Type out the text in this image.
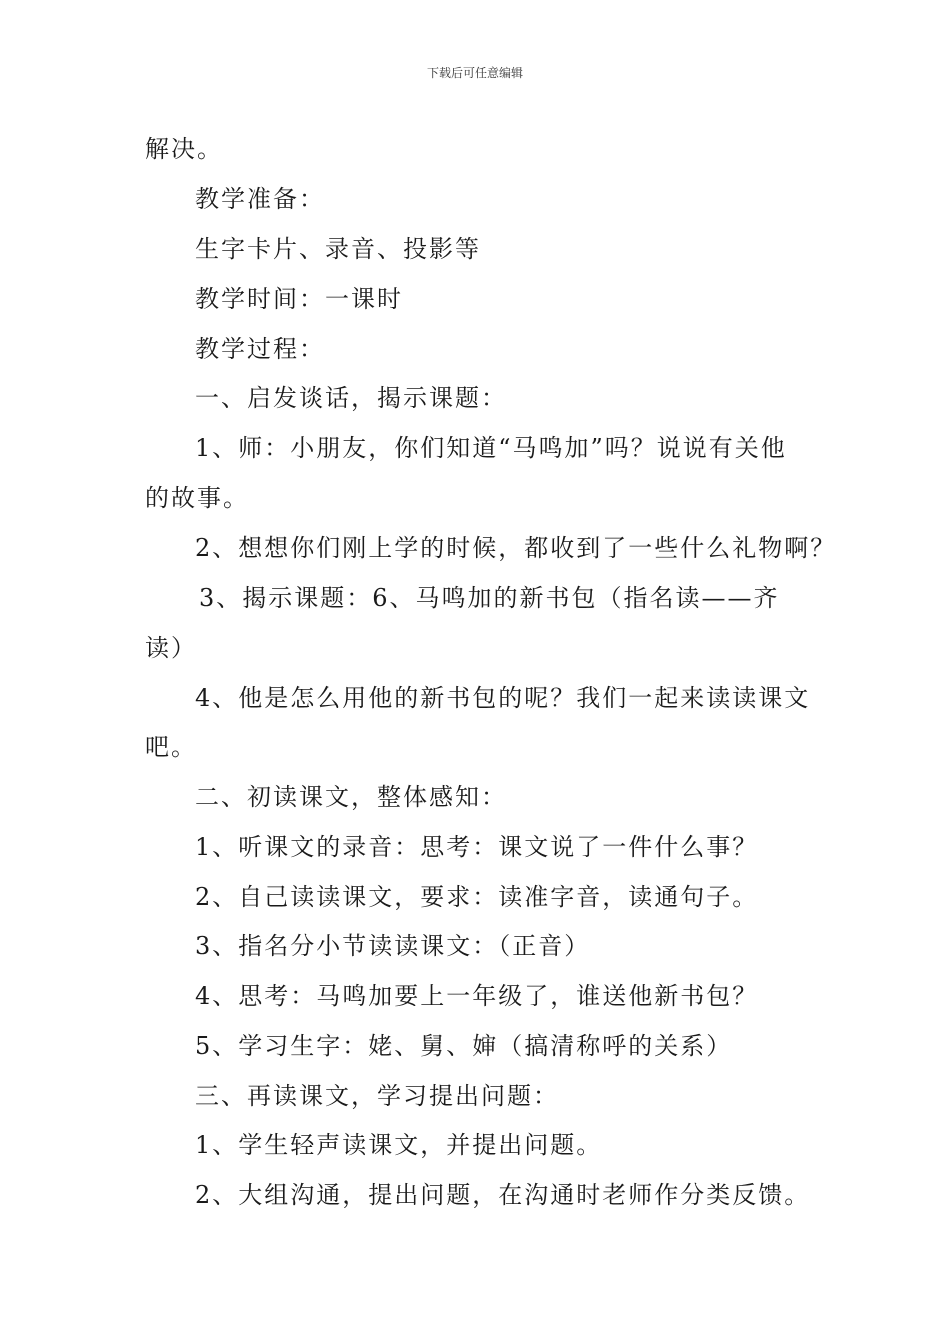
下载后可任意编辑
解决。
教学准备：
生字卡片、录音、投影等
教学时间：一课时
教学过程：
一、启发谈话，揭示课题：
1、师：小朋友，你们知道“马鸣加”吗？说说有关他
的故事。
2、想想你们刚上学的时候，都收到了一些什么礼物啊？
3、揭示课题：6、马鸣加的新书包（指名读——齐
读）
4、他是怎么用他的新书包的呢？我们一起来读读课文
吧。
二、初读课文，整体感知：
1、听课文的录音：思考：课文说了一件什么事？
2、自己读读课文，要求：读准字音，读通句子。
3、指名分小节读读课文：（正音）
4、思考：马鸣加要上一年级了，谁送他新书包？
5、学习生字：姥、舅、婶（搞清称呼的关系）
三、再读课文，学习提出问题：
1、学生轻声读课文，并提出问题。
2、大组沟通，提出问题，在沟通时老师作分类反馈。
